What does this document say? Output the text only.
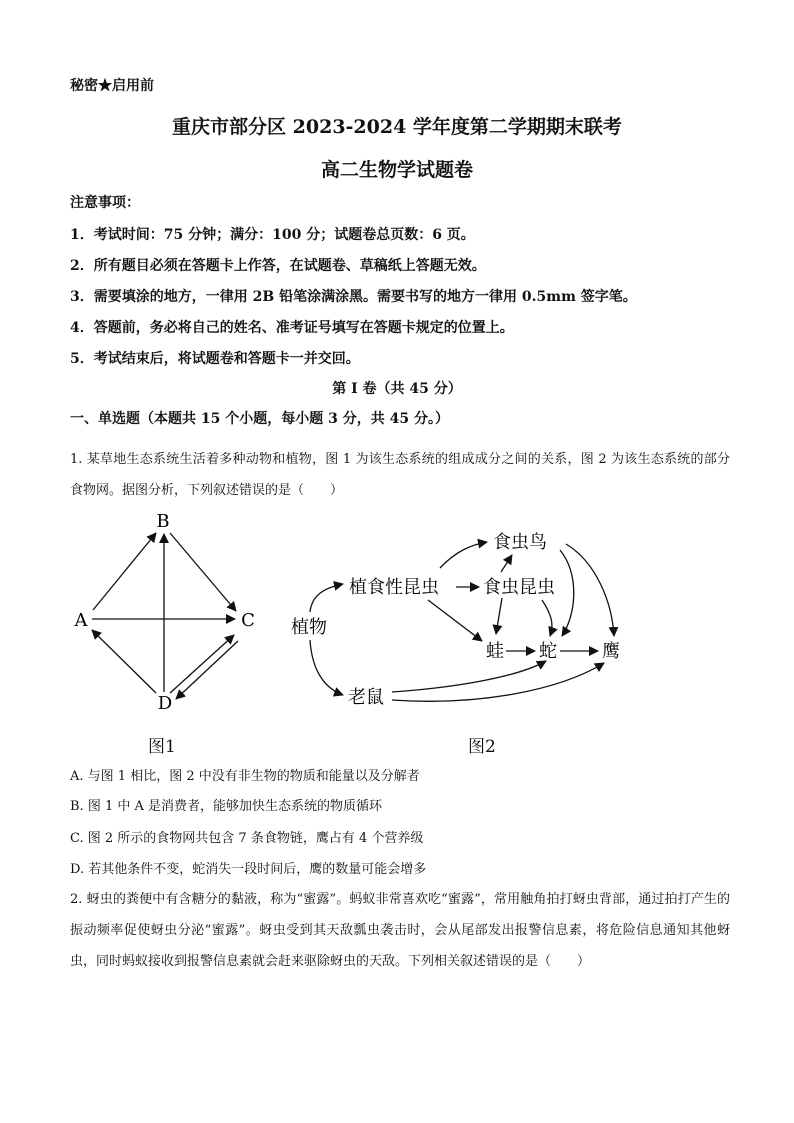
秘密★启用前
重庆市部分区 2023-2024 学年度第二学期期末联考
高二生物学试题卷
注意事项：
1．考试时间：75 分钟；满分：100 分；试题卷总页数：6 页。
2．所有题目必须在答题卡上作答，在试题卷、草稿纸上答题无效。
3．需要填涂的地方，一律用 2B 铅笔涂满涂黑。需要书写的地方一律用 0.5mm 签字笔。
4．答题前，务必将自己的姓名、准考证号填写在答题卡规定的位置上。
5．考试结束后，将试题卷和答题卡一并交回。
第 I 卷（共 45 分）
一、单选题（本题共 15 个小题，每小题 3 分，共 45 分。）
1. 某草地生态系统生活着多种动物和植物，图 1 为该生态系统的组成成分之间的关系，图 2 为该生态系统的部分食物网。据图分析，下列叙述错误的是（　　）
B
A	C
D
图1
植物
植食性昆虫
食虫鸟
食虫昆虫
蛙 蛇	鹰
老鼠
图2
A. 与图 1 相比，图 2 中没有非生物的物质和能量以及分解者
B. 图 1 中 A 是消费者，能够加快生态系统的物质循环
C. 图 2 所示的食物网共包含 7 条食物链，鹰占有 4 个营养级
D. 若其他条件不变，蛇消失一段时间后，鹰的数量可能会增多
2. 蚜虫的粪便中有含糖分的黏液，称为“蜜露”。蚂蚁非常喜欢吃“蜜露”，常用触角拍打蚜虫背部，通过拍打产生的振动频率促使蚜虫分泌“蜜露”。蚜虫受到其天敌瓢虫袭击时，会从尾部发出报警信息素，将危险信息通知其他蚜虫，同时蚂蚁接收到报警信息素就会赶来驱除蚜虫的天敌。下列相关叙述错误的是（　　）
